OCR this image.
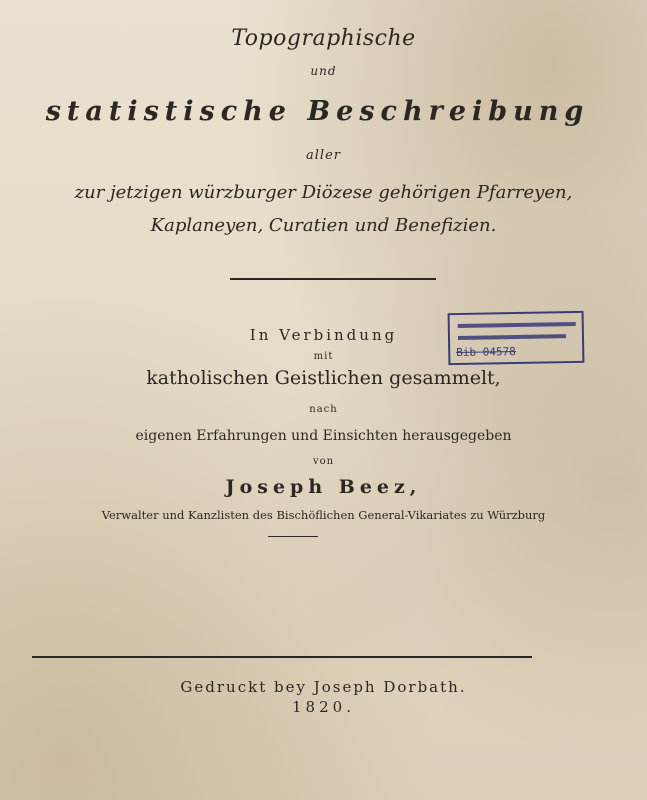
Topographische
und
statistische Beschreibung
aller
zur jetzigen würzburger Diözese gehörigen Pfarreyen,
Kaplaneyen, Curatien und Benefizien.
Bib 04578
In Verbindung
mit
katholischen Geistlichen gesammelt,
nach
eigenen Erfahrungen und Einsichten herausgegeben
von
Joseph Beez,
Verwalter und Kanzlisten des Bischöflichen General-Vikariates zu Würzburg
Gedruckt bey Joseph Dorbath.
1820.
